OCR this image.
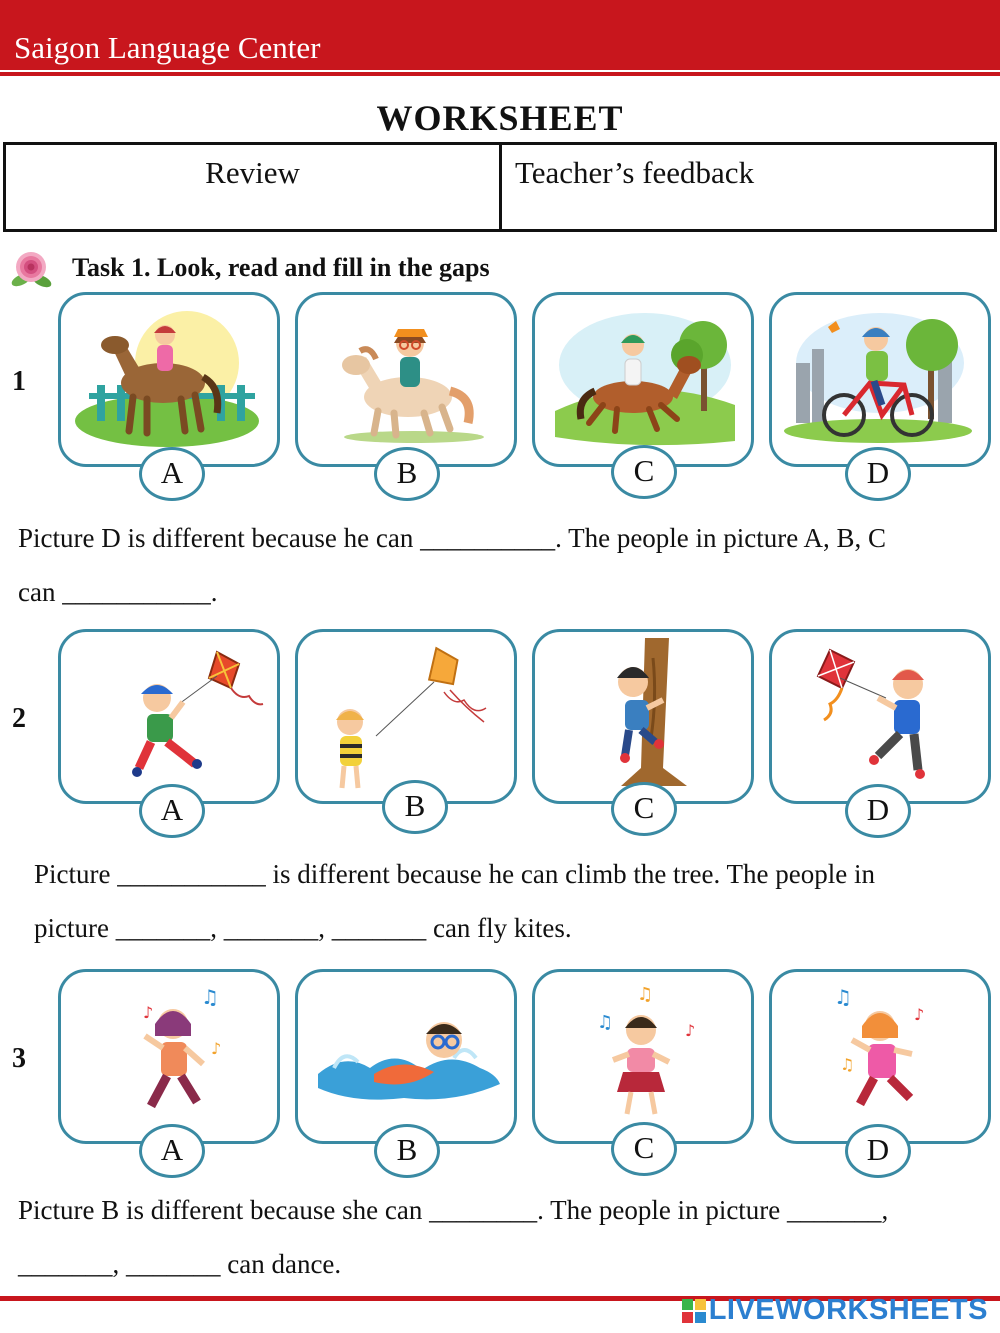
Saigon Language Center
WORKSHEET
Review	Teacher’s feedback
Task 1. Look, read and fill in the gaps
1
A	B	C	D
Picture D is different because he can __________. The people in picture A, B, C
can ___________.
2
A	B	C	D
Picture ___________ is different because he can climb the tree. The people in
picture _______, _______, _______ can fly kites.
3
♫
♪
♪
A	B
♫
♫	♪
C
♫
♪
♫
D
Picture B is different because she can ________. The people in picture _______,
_______, _______ can dance.
LIVEWORKSHEETS
